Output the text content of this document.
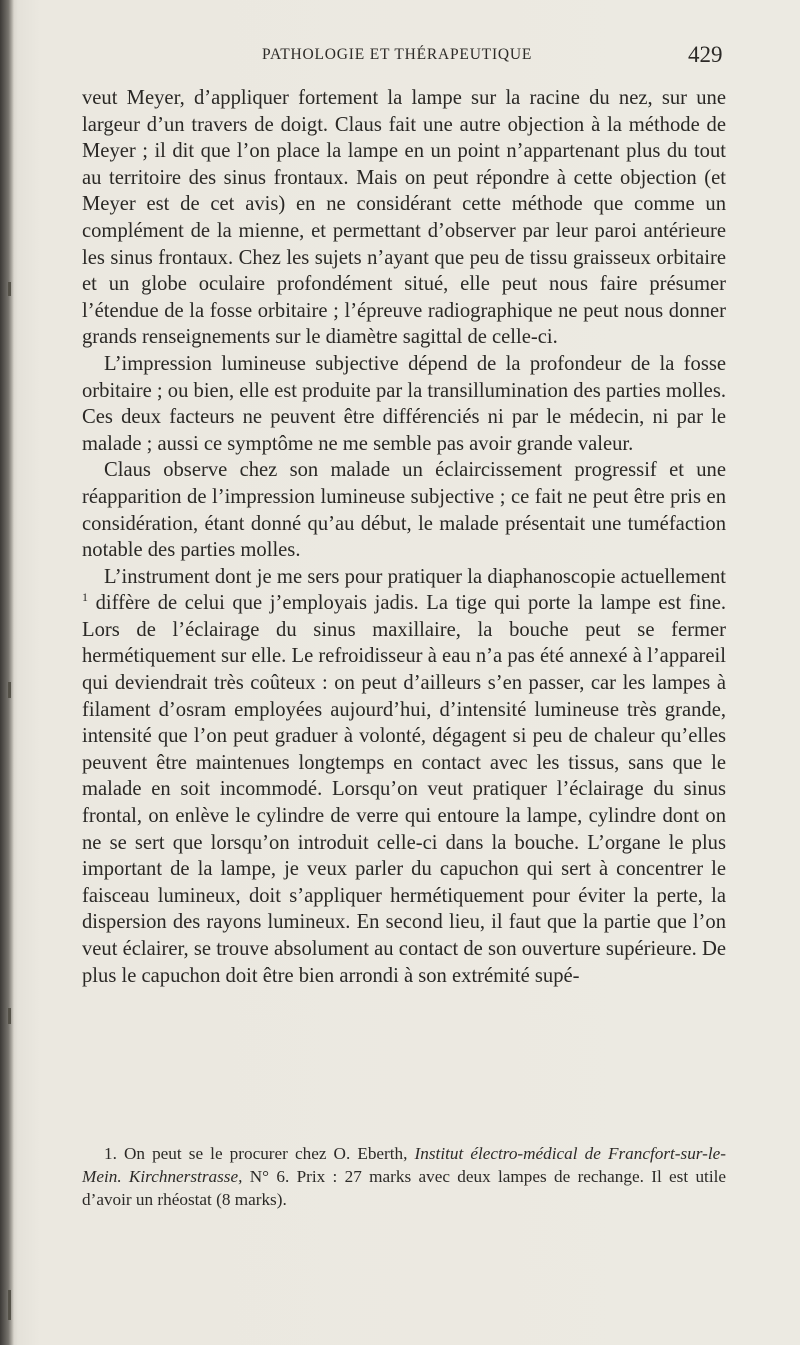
PATHOLOGIE ET THÉRAPEUTIQUE	429

veut Meyer, d’appliquer fortement la lampe sur la racine du nez, sur une largeur d’un travers de doigt. Claus fait une autre objection à la méthode de Meyer ; il dit que l’on place la lampe en un point n’appartenant plus du tout au territoire des sinus frontaux. Mais on peut répondre à cette objection (et Meyer est de cet avis) en ne considérant cette méthode que comme un complément de la mienne, et permettant d’observer par leur paroi antérieure les sinus frontaux. Chez les sujets n’ayant que peu de tissu graisseux orbitaire et un globe oculaire profondément situé, elle peut nous faire présumer l’étendue de la fosse orbitaire ; l’épreuve radiographique ne peut nous donner grands renseignements sur le diamètre sagittal de celle-ci.

L’impression lumineuse subjective dépend de la profondeur de la fosse orbitaire ; ou bien, elle est produite par la transillumination des parties molles. Ces deux facteurs ne peuvent être différenciés ni par le médecin, ni par le malade ; aussi ce symptôme ne me semble pas avoir grande valeur.

Claus observe chez son malade un éclaircissement progressif et une réapparition de l’impression lumineuse subjective ; ce fait ne peut être pris en considération, étant donné qu’au début, le malade présentait une tuméfaction notable des parties molles.

L’instrument dont je me sers pour pratiquer la diaphanoscopie actuellement $^1$ diffère de celui que j’employais jadis. La tige qui porte la lampe est fine. Lors de l’éclairage du sinus maxillaire, la bouche peut se fermer hermétiquement sur elle. Le refroidisseur à eau n’a pas été annexé à l’appareil qui deviendrait très coûteux : on peut d’ailleurs s’en passer, car les lampes à filament d’osram employées aujourd’hui, d’intensité lumineuse très grande, intensité que l’on peut graduer à volonté, dégagent si peu de chaleur qu’elles peuvent être maintenues longtemps en contact avec les tissus, sans que le malade en soit incommodé. Lorsqu’on veut pratiquer l’éclairage du sinus frontal, on enlève le cylindre de verre qui entoure la lampe, cylindre dont on ne se sert que lorsqu’on introduit celle-ci dans la bouche. L’organe le plus important de la lampe, je veux parler du capuchon qui sert à concentrer le faisceau lumineux, doit s’appliquer hermétiquement pour éviter la perte, la dispersion des rayons lumineux. En second lieu, il faut que la partie que l’on veut éclairer, se trouve absolument au contact de son ouverture supérieure. De plus le capuchon doit être bien arrondi à son extrémité supé-

1. On peut se le procurer chez O. Eberth, Institut électro-médical de Francfort-sur-le-Mein. Kirchnerstrasse, N° 6. Prix : 27 marks avec deux lampes de rechange. Il est utile d’avoir un rhéostat (8 marks).
